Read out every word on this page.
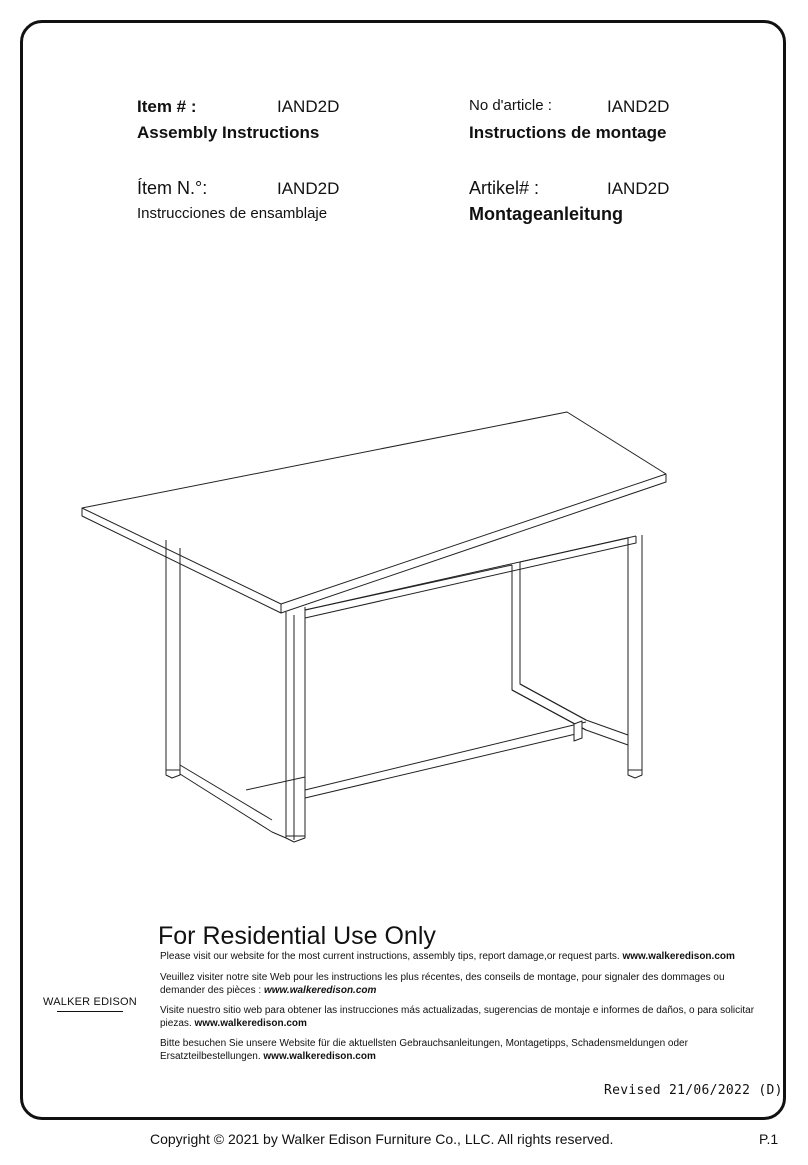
Item # :	IAND2D
Assembly Instructions
No d'article :	IAND2D
Instructions de montage
Ítem N.°:	IAND2D
Instrucciones de ensamblaje
Artikel# :	IAND2D
Montageanleitung
For Residential Use Only
Please visit our website for the most current instructions, assembly tips, report damage,or request parts. www.walkeredison.com
Veuillez visiter notre site Web pour les instructions les plus récentes, des conseils de montage, pour signaler des dommages ou demander des pièces : www.walkeredison.com
Visite nuestro sitio web para obtener las instrucciones más actualizadas, sugerencias de montaje e informes de daños, o para solicitar piezas. www.walkeredison.com
Bitte besuchen Sie unsere Website für die aktuellsten Gebrauchsanleitungen, Montagetipps, Schadensmeldungen oder Ersatzteilbestellungen. www.walkeredison.com
WALKER EDISON
Revised 21/06/2022 (D)
Copyright © 2021 by Walker Edison Furniture Co., LLC. All rights reserved.	P.1
